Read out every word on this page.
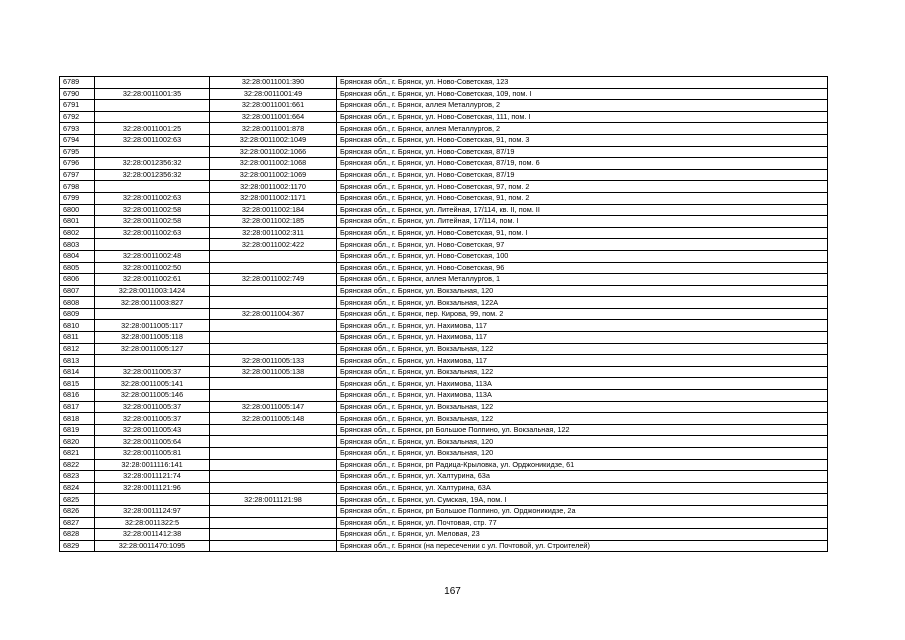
6789		32:28:0011001:390	Брянская обл., г. Брянск, ул. Ново-Советская, 123
6790	32:28:0011001:35	32:28:0011001:49	Брянская обл., г. Брянск, ул. Ново-Советская, 109, пом. I
6791		32:28:0011001:661	Брянская обл., г. Брянск, аллея Металлургов, 2
6792		32:28:0011001:664	Брянская обл., г. Брянск, ул. Ново-Советская, 111, пом. I
6793	32:28:0011001:25	32:28:0011001:878	Брянская обл., г. Брянск, аллея Металлургов, 2
6794	32:28:0011002:63	32:28:0011002:1049	Брянская обл., г. Брянск, ул. Ново-Советская, 91, пом. 3
6795		32:28:0011002:1066	Брянская обл., г. Брянск, ул. Ново-Советская, 87/19
6796	32:28:0012356:32	32:28:0011002:1068	Брянская обл., г. Брянск, ул. Ново-Советская, 87/19, пом. 6
6797	32:28:0012356:32	32:28:0011002:1069	Брянская обл., г. Брянск, ул. Ново-Советская, 87/19
6798		32:28:0011002:1170	Брянская обл., г. Брянск, ул. Ново-Советская, 97, пом. 2
6799	32:28:0011002:63	32:28:0011002:1171	Брянская обл., г. Брянск, ул. Ново-Советская, 91, пом. 2
6800	32:28:0011002:58	32:28:0011002:184	Брянская обл., г. Брянск, ул. Литейная, 17/114, кв. II, пом. II
6801	32:28:0011002:58	32:28:0011002:185	Брянская обл., г. Брянск, ул. Литейная, 17/114, пом. I
6802	32:28:0011002:63	32:28:0011002:311	Брянская обл., г. Брянск, ул. Ново-Советская, 91, пом. I
6803		32:28:0011002:422	Брянская обл., г. Брянск, ул. Ново-Советская, 97
6804	32:28:0011002:48		Брянская обл., г. Брянск, ул. Ново-Советская, 100
6805	32:28:0011002:50		Брянская обл., г. Брянск, ул. Ново-Советская, 96
6806	32:28:0011002:61	32:28:0011002:749	Брянская обл., г. Брянск, аллея Металлургов, 1
6807	32:28:0011003:1424		Брянская обл., г. Брянск, ул. Вокзальная, 120
6808	32:28:0011003:827		Брянская обл., г. Брянск, ул. Вокзальная, 122А
6809		32:28:0011004:367	Брянская обл., г. Брянск, пер. Кирова, 99, пом. 2
6810	32:28:0011005:117		Брянская обл., г. Брянск, ул. Нахимова, 117
6811	32:28:0011005:118		Брянская обл., г. Брянск, ул. Нахимова, 117
6812	32:28:0011005:127		Брянская обл., г. Брянск, ул. Вокзальная, 122
6813		32:28:0011005:133	Брянская обл., г. Брянск, ул. Нахимова, 117
6814	32:28:0011005:37	32:28:0011005:138	Брянская обл., г. Брянск, ул. Вокзальная, 122
6815	32:28:0011005:141		Брянская обл., г. Брянск, ул. Нахимова, 113А
6816	32:28:0011005:146		Брянская обл., г. Брянск, ул. Нахимова, 113А
6817	32:28:0011005:37	32:28:0011005:147	Брянская обл., г. Брянск, ул. Вокзальная, 122
6818	32:28:0011005:37	32:28:0011005:148	Брянская обл., г. Брянск, ул. Вокзальная, 122
6819	32:28:0011005:43		Брянская обл., г. Брянск, рп Большое Полпино, ул. Вокзальная, 122
6820	32:28:0011005:64		Брянская обл., г. Брянск, ул. Вокзальная, 120
6821	32:28:0011005:81		Брянская обл., г. Брянск, ул. Вокзальная, 120
6822	32:28:0011116:141		Брянская обл., г. Брянск, рп Радица-Крыловка, ул. Орджоникидзе, 61
6823	32:28:0011121:74		Брянская обл., г. Брянск, ул. Халтурина, 63а
6824	32:28:0011121:96		Брянская обл., г. Брянск, ул. Халтурина, 63А
6825		32:28:0011121:98	Брянская обл., г. Брянск, ул. Сумская, 19А, пом. I
6826	32:28:0011124:97		Брянская обл., г. Брянск, рп Большое Полпино, ул. Орджоникидзе, 2а
6827	32:28:0011322:5		Брянская обл., г. Брянск, ул. Почтовая, стр. 77
6828	32:28:0011412:38		Брянская обл., г. Брянск, ул. Меловая, 23
6829	32:28:0011470:1095		Брянская обл., г. Брянск (на пересечении с ул. Почтовой, ул. Строителей)
167
